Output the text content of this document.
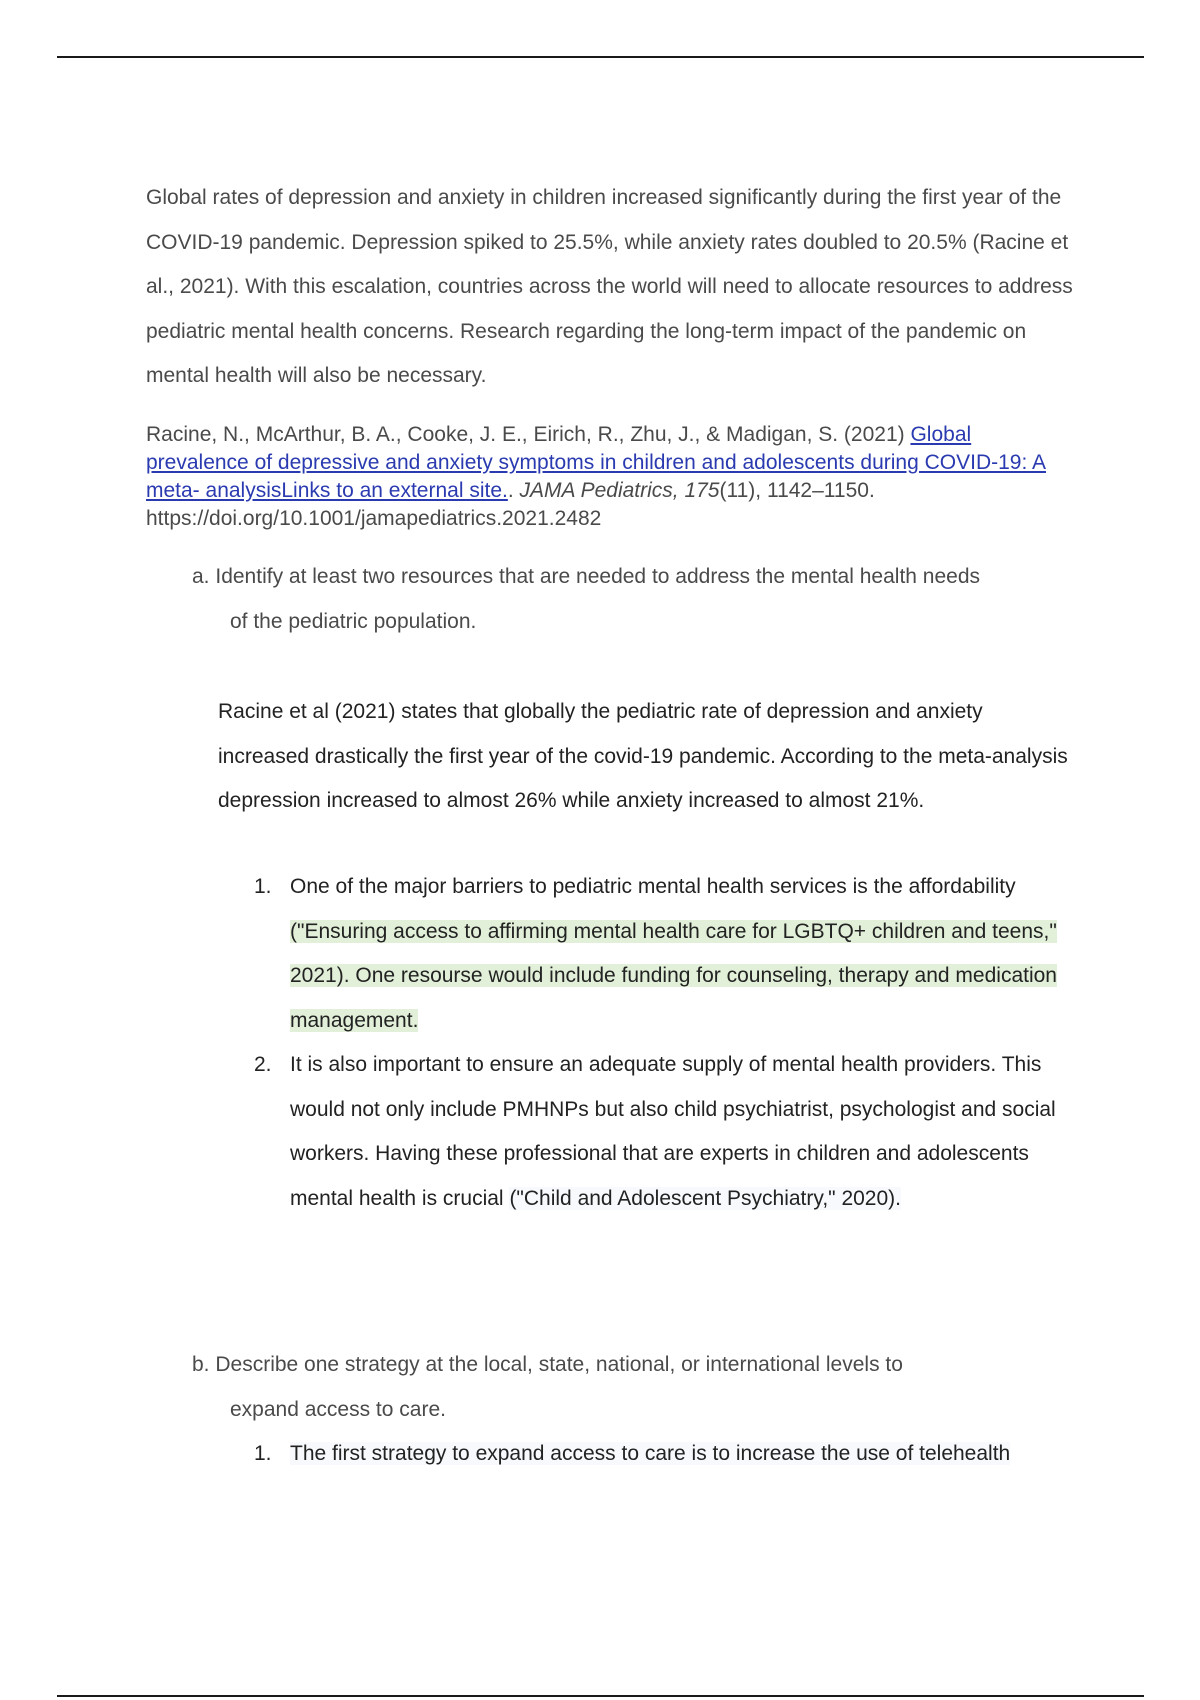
Global rates of depression and anxiety in children increased significantly during the first year of the COVID-19 pandemic. Depression spiked to 25.5%, while anxiety rates doubled to 20.5% (Racine et al., 2021). With this escalation, countries across the world will need to allocate resources to address pediatric mental health concerns. Research regarding the long-term impact of the pandemic on mental health will also be necessary.

Racine, N., McArthur, B. A., Cooke, J. E., Eirich, R., Zhu, J., & Madigan, S. (2021) Global prevalence of depressive and anxiety symptoms in children and adolescents during COVID-19: A meta- analysisLinks to an external site.. JAMA Pediatrics, 175(11), 1142–1150. https://doi.org/10.1001/jamapediatrics.2021.2482
a. Identify at least two resources that are needed to address the mental health needs
of the pediatric population.
Racine et al (2021) states that globally the pediatric rate of depression and anxiety increased drastically the first year of the covid-19 pandemic. According to the meta-analysis depression increased to almost 26% while anxiety increased to almost 21%.
1. One of the major barriers to pediatric mental health services is the affordability ("Ensuring access to affirming mental health care for LGBTQ+ children and teens," 2021). One resourse would include funding for counseling, therapy and medication management.
2. It is also important to ensure an adequate supply of mental health providers. This would not only include PMHNPs but also child psychiatrist, psychologist and social workers. Having these professional that are experts in children and adolescents mental health is crucial ("Child and Adolescent Psychiatry," 2020).
b. Describe one strategy at the local, state, national, or international levels to
expand access to care.
1. The first strategy to expand access to care is to increase the use of telehealth
